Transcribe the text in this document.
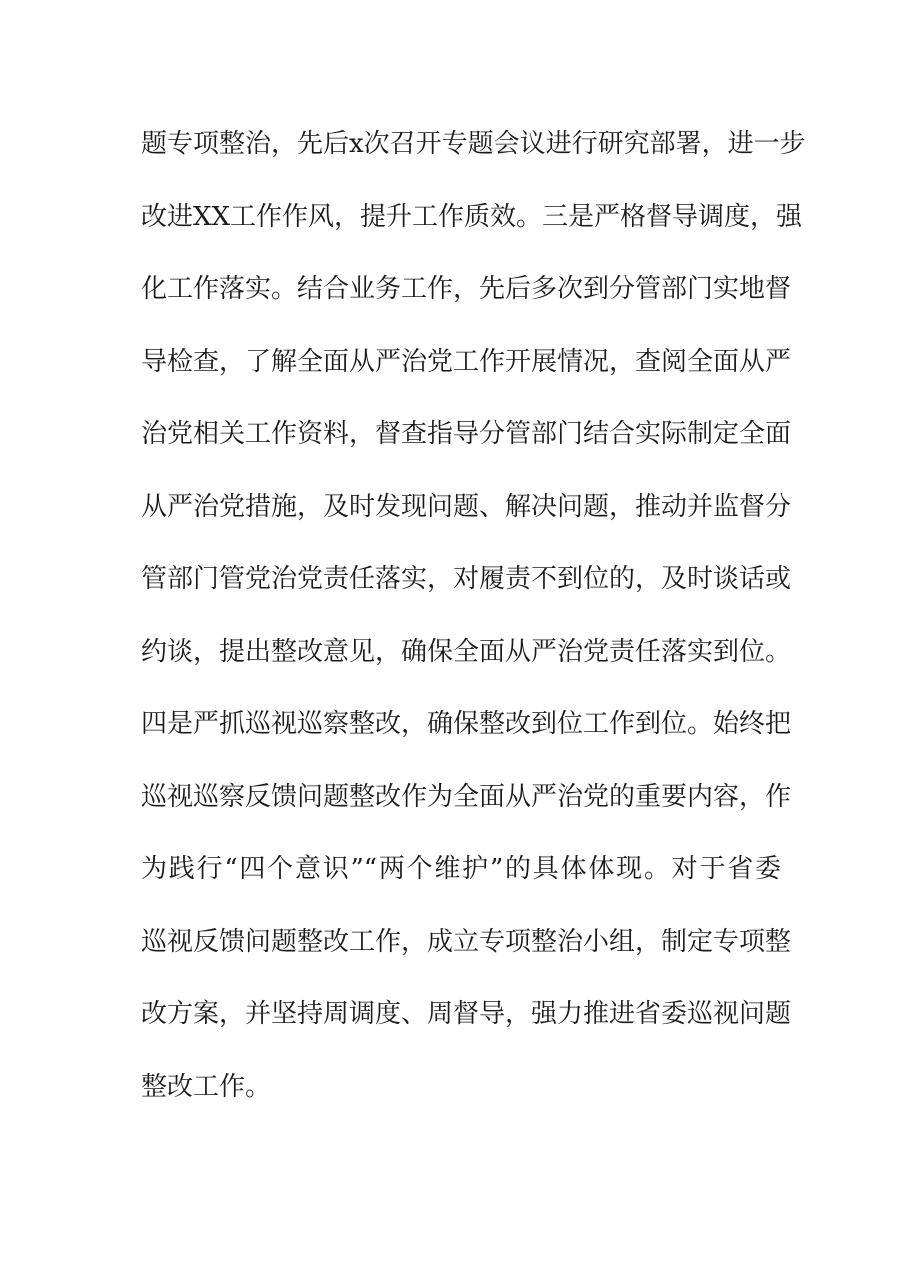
题专项整治，先后x次召开专题会议进行研究部署，进一步
改进XX工作作风，提升工作质效。三是严格督导调度，强
化工作落实。结合业务工作，先后多次到分管部门实地督
导检查，了解全面从严治党工作开展情况，查阅全面从严
治党相关工作资料，督查指导分管部门结合实际制定全面
从严治党措施，及时发现问题、解决问题，推动并监督分
管部门管党治党责任落实，对履责不到位的，及时谈话或
约谈，提出整改意见，确保全面从严治党责任落实到位。
四是严抓巡视巡察整改，确保整改到位工作到位。始终把
巡视巡察反馈问题整改作为全面从严治党的重要内容，作
为践行“四个意识”“两个维护”的具体体现。对于省委
巡视反馈问题整改工作，成立专项整治小组，制定专项整
改方案，并坚持周调度、周督导，强力推进省委巡视问题
整改工作。
